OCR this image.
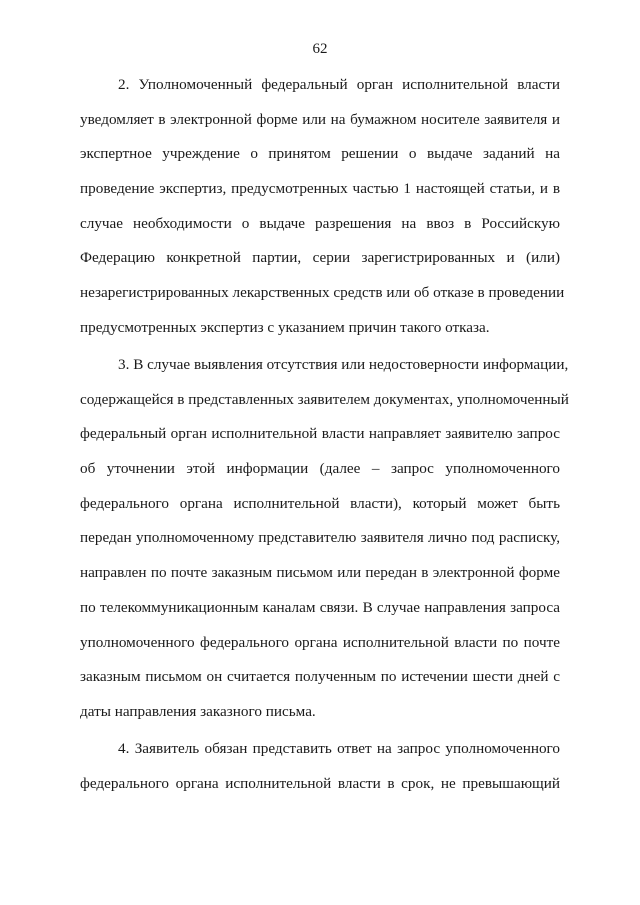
62
2. Уполномоченный федеральный орган исполнительной власти
уведомляет в электронной форме или на бумажном носителе заявителя и
экспертное учреждение о принятом решении о выдаче заданий на
проведение экспертиз, предусмотренных частью 1 настоящей статьи, и в
случае необходимости о выдаче разрешения на ввоз в Российскую
Федерацию конкретной партии, серии зарегистрированных и (или)
незарегистрированных лекарственных средств или об отказе в проведении
предусмотренных экспертиз с указанием причин такого отказа.
3. В случае выявления отсутствия или недостоверности информации,
содержащейся в представленных заявителем документах, уполномоченный
федеральный орган исполнительной власти направляет заявителю запрос
об уточнении этой информации (далее – запрос уполномоченного
федерального органа исполнительной власти), который может быть
передан уполномоченному представителю заявителя лично под расписку,
направлен по почте заказным письмом или передан в электронной форме
по телекоммуникационным каналам связи. В случае направления запроса
уполномоченного федерального органа исполнительной власти по почте
заказным письмом он считается полученным по истечении шести дней с
даты направления заказного письма.
4. Заявитель обязан представить ответ на запрос уполномоченного
федерального органа исполнительной власти в срок, не превышающий
